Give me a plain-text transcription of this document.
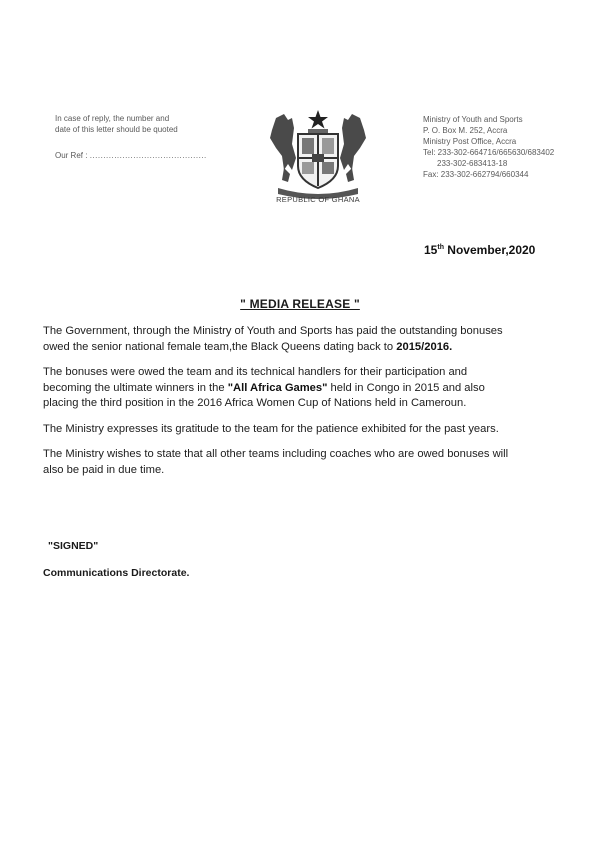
In case of reply, the number and
date of this letter should be quoted
Our Ref : ...........................................
REPUBLIC OF GHANA
Ministry of Youth and Sports
P. O. Box M. 252, Accra
Ministry Post Office, Accra
Tel: 233-302-664716/665630/683402
233-302-683413-18
Fax: 233-302-662794/660344
15th November,2020
" MEDIA RELEASE "

The Government, through the Ministry of Youth and Sports has paid the outstanding bonuses
owed the senior national female team,the Black Queens dating back to 2015/2016.

The bonuses were owed the team and its technical handlers for their participation and
becoming the ultimate winners in the "All Africa Games" held in Congo in 2015 and also
placing the third position in the 2016 Africa Women Cup of Nations held in Cameroun.

The Ministry expresses its gratitude to the team for the patience exhibited for the past years.

The Ministry wishes to state that all other teams including coaches who are owed bonuses will
also be paid in due time.

"SIGNED"
Communications Directorate.
